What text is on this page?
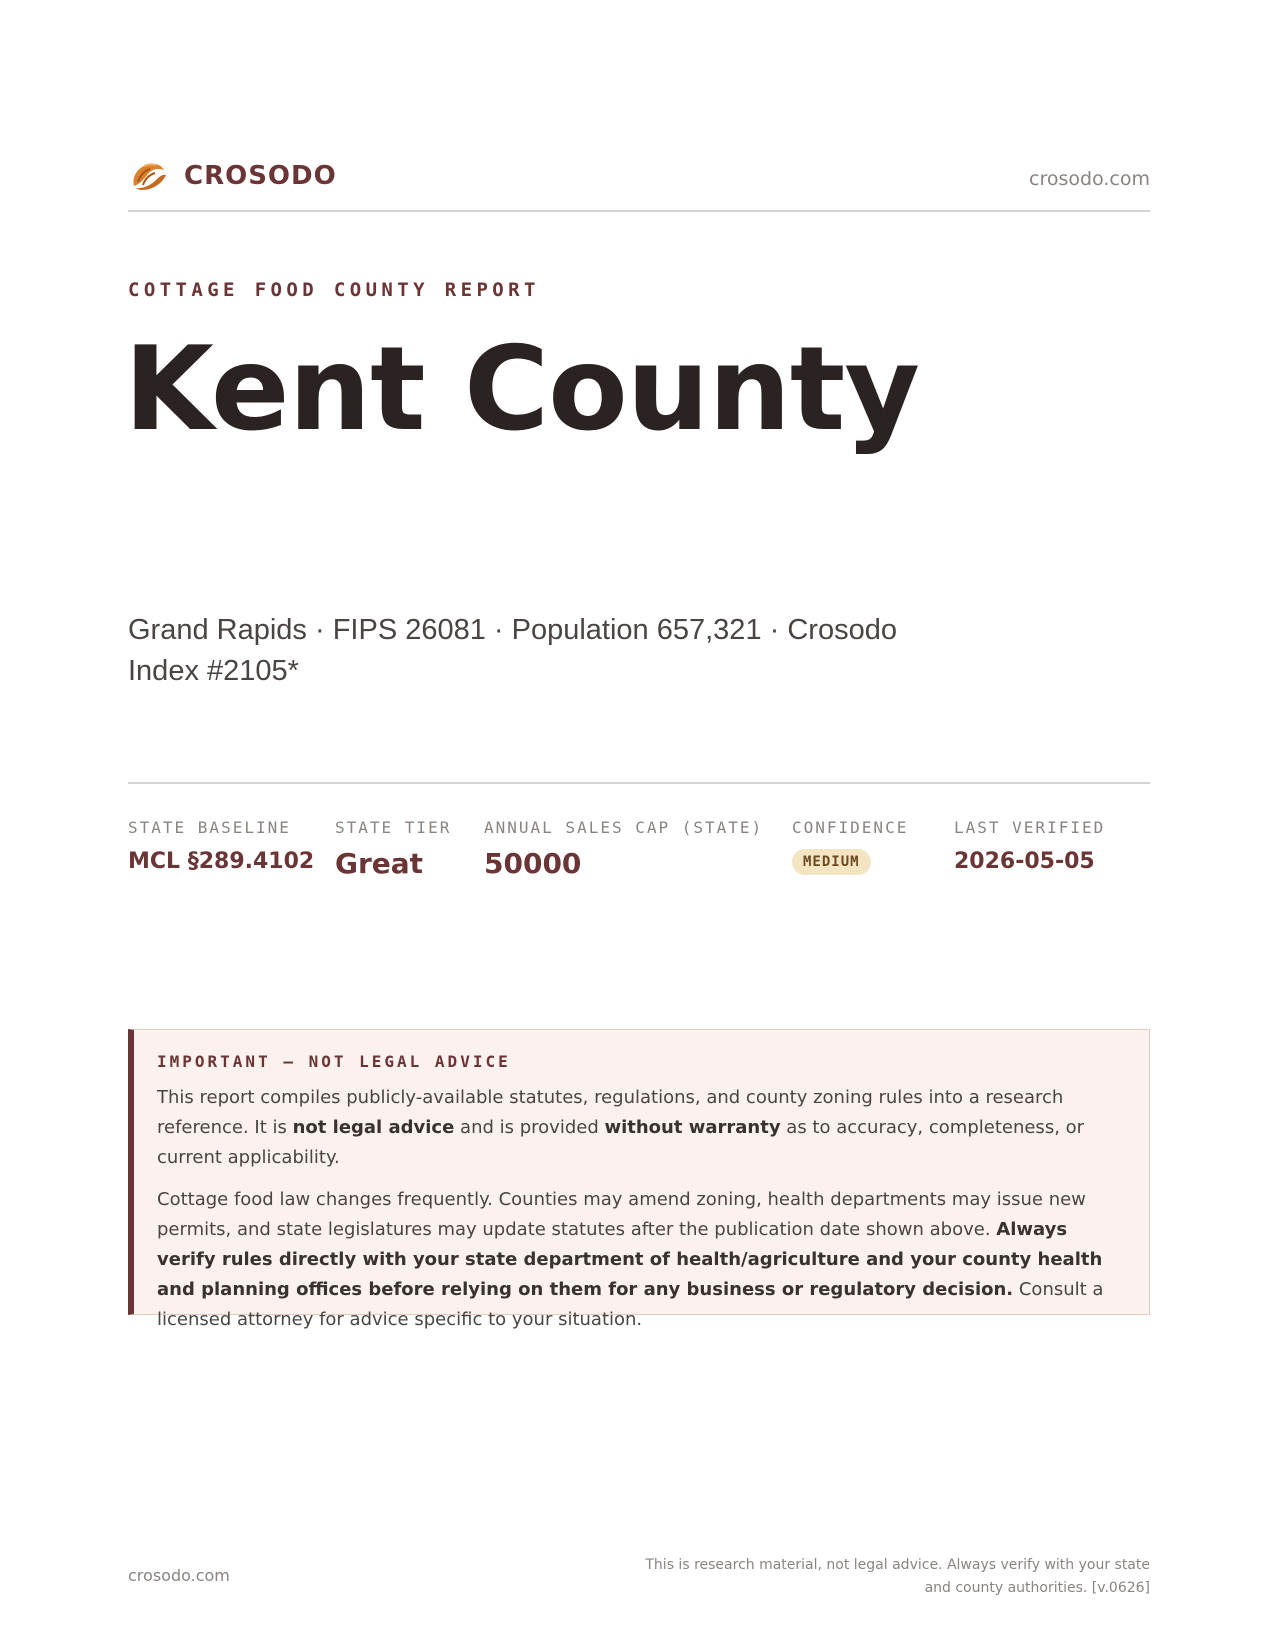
CROSODO	crosodo.com
COTTAGE FOOD COUNTY REPORT
Kent County
Grand Rapids · FIPS 26081 · Population 657,321 · Crosodo Index #2105*
STATE BASELINE
MCL §289.4102
STATE TIER
Great
ANNUAL SALES CAP (STATE)
50000
CONFIDENCE
MEDIUM
LAST VERIFIED
2026-05-05
IMPORTANT — NOT LEGAL ADVICE

This report compiles publicly-available statutes, regulations, and county zoning rules into a research reference. It is not legal advice and is provided without warranty as to accuracy, completeness, or current applicability.

Cottage food law changes frequently. Counties may amend zoning, health departments may issue new permits, and state legislatures may update statutes after the publication date shown above. Always verify rules directly with your state department of health/agriculture and your county health and planning offices before relying on them for any business or regulatory decision. Consult a licensed attorney for advice specific to your situation.

crosodo.com
This is research material, not legal advice. Always verify with your state and county authorities. [v.0626]
